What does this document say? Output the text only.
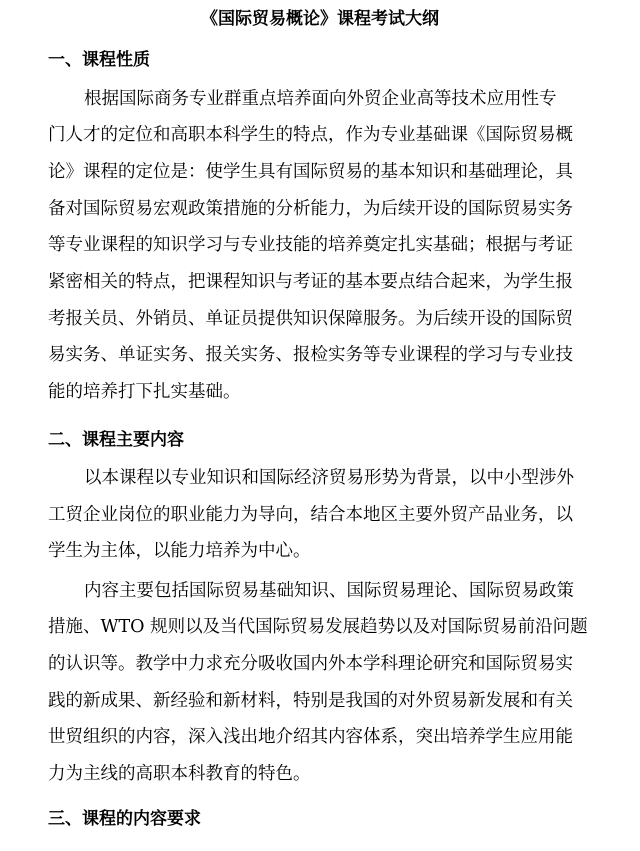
《国际贸易概论》课程考试大纲
一、课程性质

根据国际商务专业群重点培养面向外贸企业高等技术应用性专

门人才的定位和高职本科学生的特点，作为专业基础课《国际贸易概

论》课程的定位是：使学生具有国际贸易的基本知识和基础理论，具

备对国际贸易宏观政策措施的分析能力，为后续开设的国际贸易实务

等专业课程的知识学习与专业技能的培养奠定扎实基础；根据与考证

紧密相关的特点，把课程知识与考证的基本要点结合起来，为学生报

考报关员、外销员、单证员提供知识保障服务。为后续开设的国际贸

易实务、单证实务、报关实务、报检实务等专业课程的学习与专业技

能的培养打下扎实基础。

二、课程主要内容

以本课程以专业知识和国际经济贸易形势为背景，以中小型涉外

工贸企业岗位的职业能力为导向，结合本地区主要外贸产品业务，以

学生为主体，以能力培养为中心。

内容主要包括国际贸易基础知识、国际贸易理论、国际贸易政策

措施、WTO 规则以及当代国际贸易发展趋势以及对国际贸易前沿问题

的认识等。教学中力求充分吸收国内外本学科理论研究和国际贸易实

践的新成果、新经验和新材料，特别是我国的对外贸易新发展和有关

世贸组织的内容，深入浅出地介绍其内容体系，突出培养学生应用能

力为主线的高职本科教育的特色。

三、课程的内容要求
